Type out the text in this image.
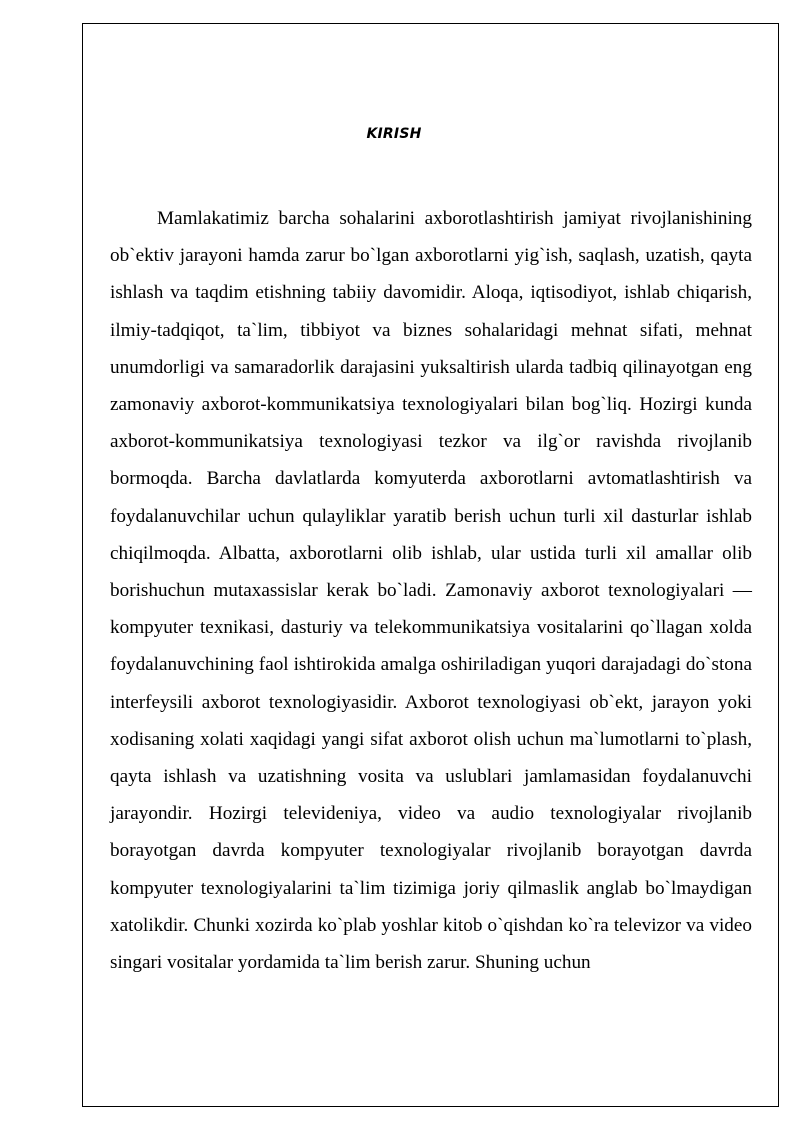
KIRISH

Mamlakatimiz barcha sohalarini axborotlashtirish jamiyat rivojlanishining ob`ektiv jarayoni hamda zarur bo`lgan axborotlarni yig`ish, saqlash, uzatish, qayta ishlash va taqdim etishning tabiiy davomidir. Aloqa, iqtisodiyot, ishlab chiqarish, ilmiy-tadqiqot, ta`lim, tibbiyot va biznes sohalaridagi mehnat sifati, mehnat unumdorligi va samaradorlik darajasini yuksaltirish ularda tadbiq qilinayotgan eng zamonaviy axborot-kommunikatsiya texnologiyalari bilan bog`liq. Hozirgi kunda axborot-kommunikatsiya texnologiyasi tezkor va ilg`or ravishda rivojlanib bormoqda. Barcha davlatlarda komyuterda axborotlarni avtomatlashtirish va foydalanuvchilar uchun qulayliklar yaratib berish uchun turli xil dasturlar ishlab chiqilmoqda. Albatta, axborotlarni olib ishlab, ular ustida turli xil amallar olib borishuchun mutaxassislar kerak bo`ladi. Zamonaviy axborot texnologiyalari — kompyuter texnikasi, dasturiy va telekommunikatsiya vositalarini qo`llagan xolda foydalanuvchining faol ishtirokida amalga oshiriladigan yuqori darajadagi do`stona interfeysili axborot texnologiyasidir. Axborot texnologiyasi ob`ekt, jarayon yoki xodisaning xolati xaqidagi yangi sifat axborot olish uchun ma`lumotlarni to`plash, qayta ishlash va uzatishning vosita va uslublari jamlamasidan foydalanuvchi jarayondir. Hozirgi televideniya, video va audio texnologiyalar rivojlanib borayotgan davrda kompyuter texnologiyalar rivojlanib borayotgan davrda kompyuter texnologiyalarini ta`lim tizimiga joriy qilmaslik anglab bo`lmaydigan xatolikdir. Chunki xozirda ko`plab yoshlar kitob o`qishdan ko`ra televizor va video singari vositalar yordamida ta`lim berish zarur. Shuning uchun
